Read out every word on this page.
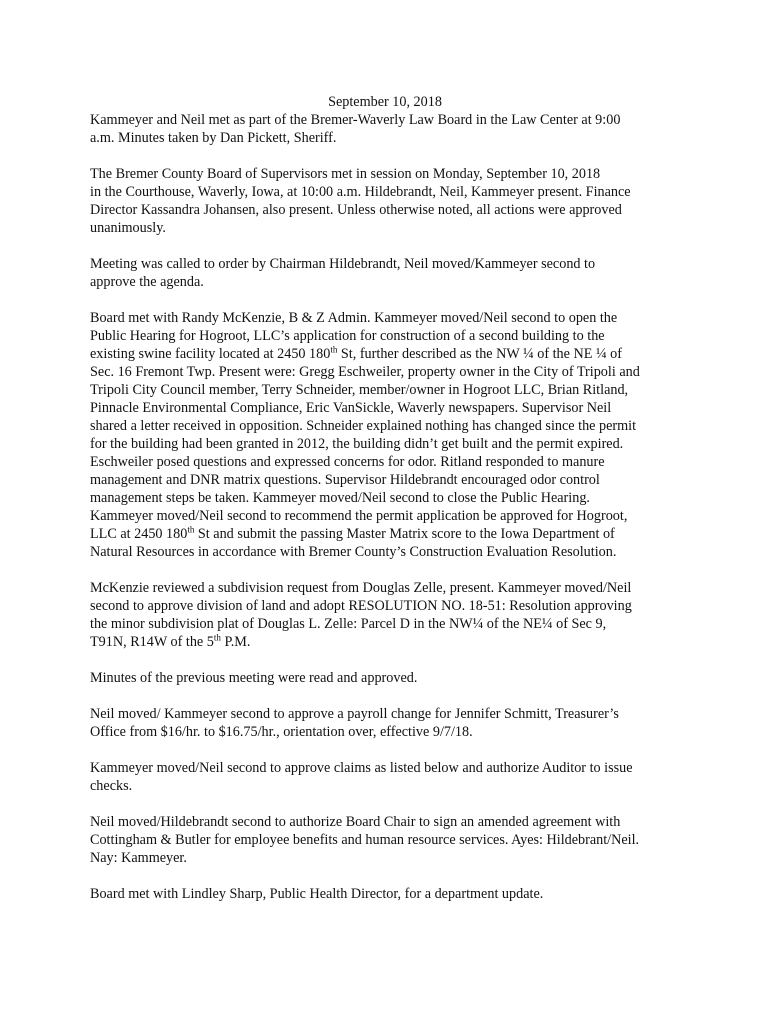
September 10, 2018

Kammeyer and Neil met as part of the Bremer-Waverly Law Board in the Law Center at 9:00
a.m. Minutes taken by Dan Pickett, Sheriff.

The Bremer County Board of Supervisors met in session on Monday, September 10, 2018
in the Courthouse, Waverly, Iowa, at 10:00 a.m. Hildebrandt, Neil, Kammeyer present. Finance
Director Kassandra Johansen, also present. Unless otherwise noted, all actions were approved
unanimously.

Meeting was called to order by Chairman Hildebrandt, Neil moved/Kammeyer second to
approve the agenda.

Board met with Randy McKenzie, B & Z Admin. Kammeyer moved/Neil second to open the
Public Hearing for Hogroot, LLC’s application for construction of a second building to the
existing swine facility located at 2450 180th St, further described as the NW ¼ of the NE ¼ of
Sec. 16 Fremont Twp. Present were: Gregg Eschweiler, property owner in the City of Tripoli and
Tripoli City Council member, Terry Schneider, member/owner in Hogroot LLC, Brian Ritland,
Pinnacle Environmental Compliance, Eric VanSickle, Waverly newspapers. Supervisor Neil
shared a letter received in opposition. Schneider explained nothing has changed since the permit
for the building had been granted in 2012, the building didn’t get built and the permit expired.
Eschweiler posed questions and expressed concerns for odor. Ritland responded to manure
management and DNR matrix questions. Supervisor Hildebrandt encouraged odor control
management steps be taken. Kammeyer moved/Neil second to close the Public Hearing.
Kammeyer moved/Neil second to recommend the permit application be approved for Hogroot,
LLC at 2450 180th St and submit the passing Master Matrix score to the Iowa Department of
Natural Resources in accordance with Bremer County’s Construction Evaluation Resolution.

McKenzie reviewed a subdivision request from Douglas Zelle, present. Kammeyer moved/Neil
second to approve division of land and adopt RESOLUTION NO. 18-51: Resolution approving
the minor subdivision plat of Douglas L. Zelle: Parcel D in the NW¼ of the NE¼ of Sec 9,
T91N, R14W of the 5th P.M.

Minutes of the previous meeting were read and approved.

Neil moved/ Kammeyer second to approve a payroll change for Jennifer Schmitt, Treasurer’s
Office from $16/hr. to $16.75/hr., orientation over, effective 9/7/18.

Kammeyer moved/Neil second to approve claims as listed below and authorize Auditor to issue
checks.

Neil moved/Hildebrandt second to authorize Board Chair to sign an amended agreement with
Cottingham & Butler for employee benefits and human resource services. Ayes: Hildebrant/Neil.
Nay: Kammeyer.

Board met with Lindley Sharp, Public Health Director, for a department update.
